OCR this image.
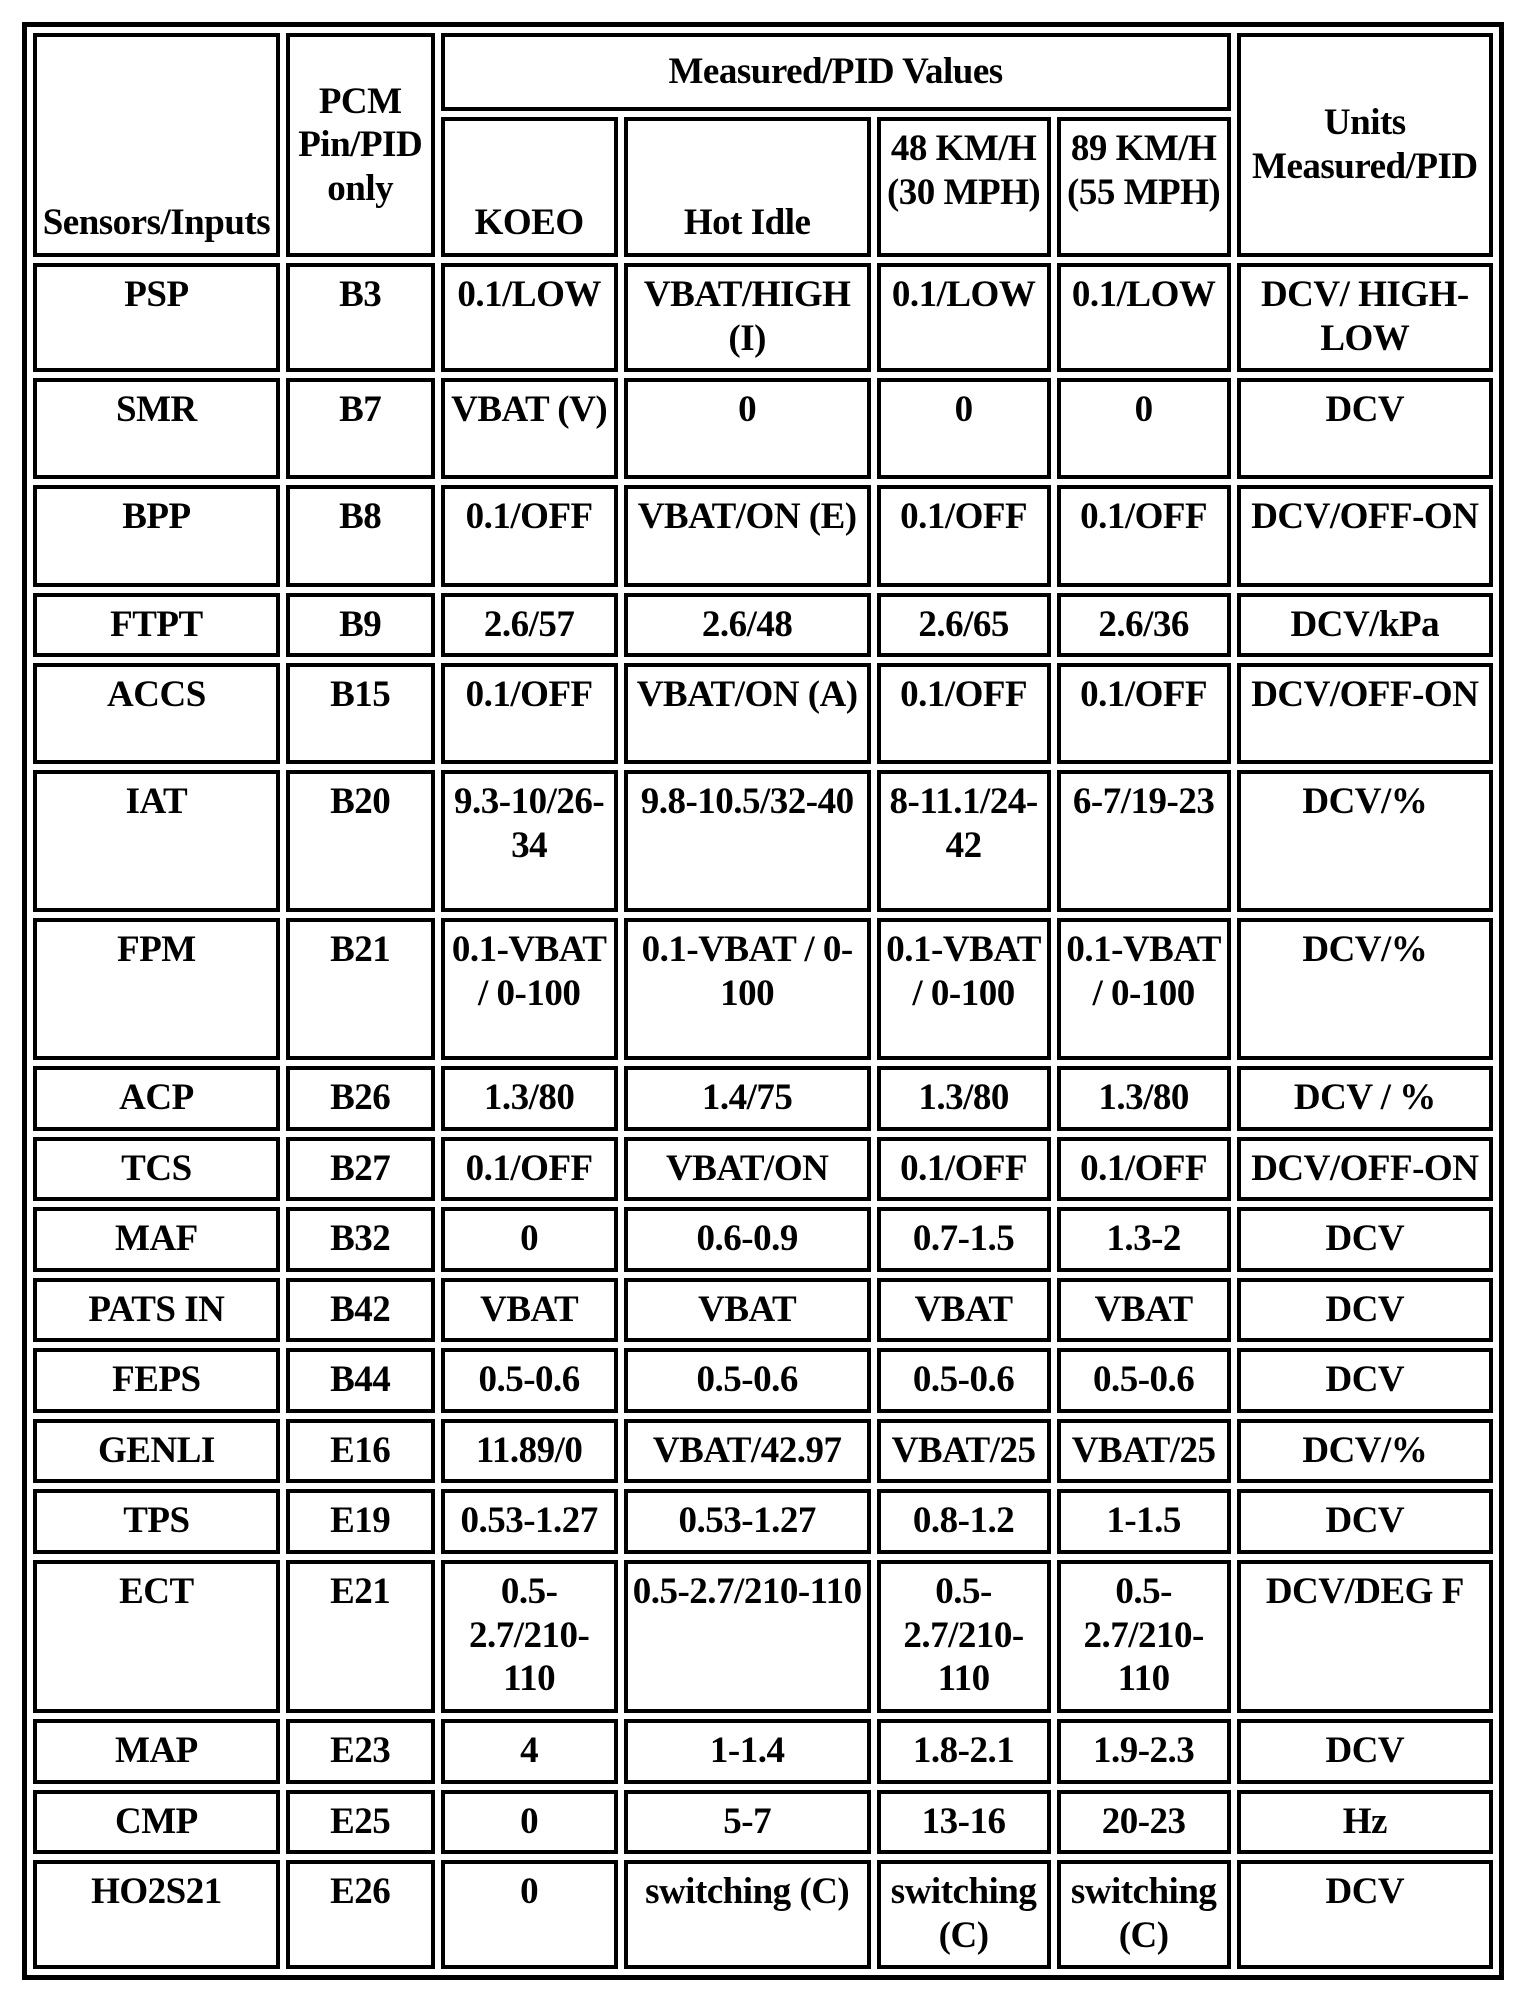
Sensors/Inputs	PCM Pin/PID only	Measured/PID Values				Units Measured/PID
		KOEO	Hot Idle	48 KM/H (30 MPH)	89 KM/H (55 MPH)	
PSP	B3	0.1/LOW	VBAT/HIGH (I)	0.1/LOW	0.1/LOW	DCV/ HIGH-LOW
SMR	B7	VBAT (V)	0	0	0	DCV
BPP	B8	0.1/OFF	VBAT/ON (E)	0.1/OFF	0.1/OFF	DCV/OFF-ON
FTPT	B9	2.6/57	2.6/48	2.6/65	2.6/36	DCV/kPa
ACCS	B15	0.1/OFF	VBAT/ON (A)	0.1/OFF	0.1/OFF	DCV/OFF-ON
IAT	B20	9.3-10/26-34	9.8-10.5/32-40	8-11.1/24-42	6-7/19-23	DCV/%
FPM	B21	0.1-VBAT / 0-100	0.1-VBAT / 0-100	0.1-VBAT / 0-100	0.1-VBAT / 0-100	DCV/%
ACP	B26	1.3/80	1.4/75	1.3/80	1.3/80	DCV / %
TCS	B27	0.1/OFF	VBAT/ON	0.1/OFF	0.1/OFF	DCV/OFF-ON
MAF	B32	0	0.6-0.9	0.7-1.5	1.3-2	DCV
PATS IN	B42	VBAT	VBAT	VBAT	VBAT	DCV
FEPS	B44	0.5-0.6	0.5-0.6	0.5-0.6	0.5-0.6	DCV
GENLI	E16	11.89/0	VBAT/42.97	VBAT/25	VBAT/25	DCV/%
TPS	E19	0.53-1.27	0.53-1.27	0.8-1.2	1-1.5	DCV
ECT	E21	0.5-2.7/210-110	0.5-2.7/210-110	0.5-2.7/210-110	0.5-2.7/210-110	DCV/DEG F
MAP	E23	4	1-1.4	1.8-2.1	1.9-2.3	DCV
CMP	E25	0	5-7	13-16	20-23	Hz
HO2S21	E26	0	switching (C)	switching (C)	switching (C)	DCV
